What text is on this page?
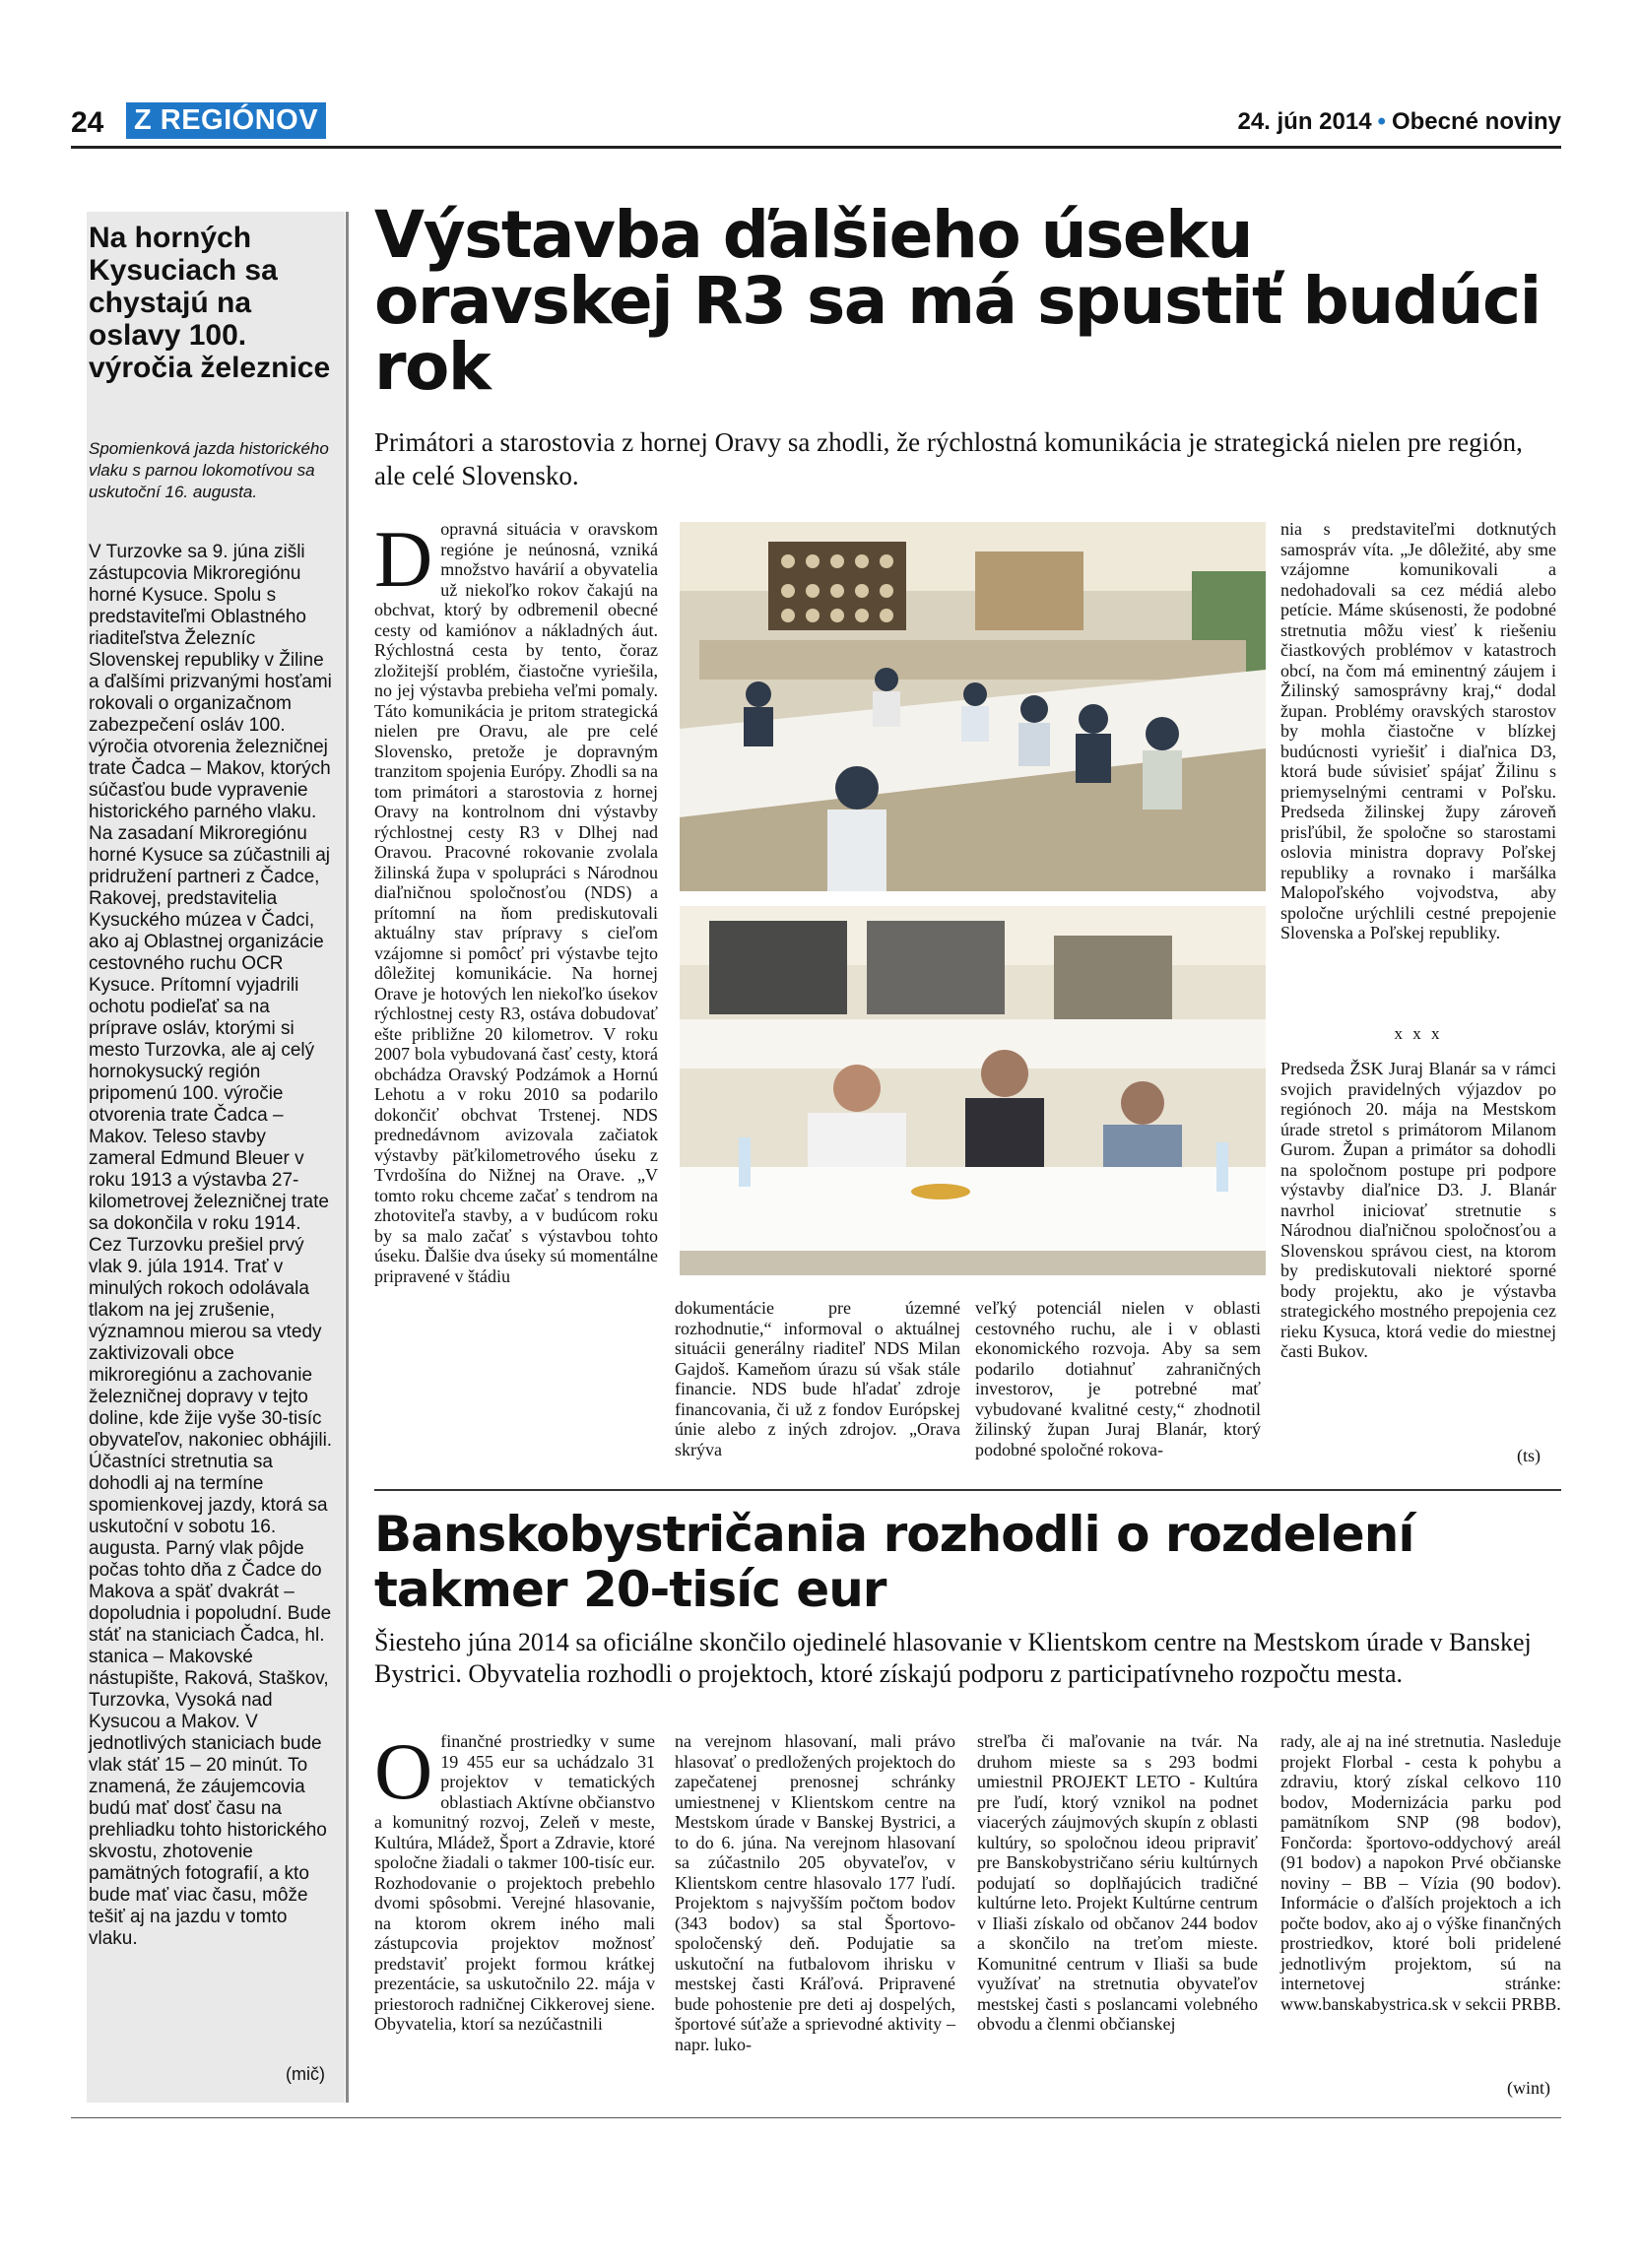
24 Z REGIÓNOV	24. jún 2014 • Obecné noviny
Na horných Kysuciach sa chystajú na oslavy 100. výročia železnice
Spomienková jazda historického vlaku s parnou lokomotívou sa uskutoční 16. augusta.
V Turzovke sa 9. júna zišli zástupcovia Mikroregiónu horné Kysuce. Spolu s predstaviteľmi Oblastného riaditeľstva Železníc Slovenskej republiky v Žiline a ďalšími prizvanými hosťami rokovali o organizačnom zabezpečení osláv 100. výročia otvorenia železničnej trate Čadca – Makov, ktorých súčasťou bude vypravenie historického parného vlaku.
Na zasadaní Mikroregiónu horné Kysuce sa zúčastnili aj pridružení partneri z Čadce, Rakovej, predstavitelia Kysuckého múzea v Čadci, ako aj Oblastnej organizácie cestovného ruchu OCR Kysuce. Prítomní vyjadrili ochotu podieľať sa na príprave osláv, ktorými si mesto Turzovka, ale aj celý hornokysucký región pripomenú 100. výročie otvorenia trate Čadca – Makov. Teleso stavby zameral Edmund Bleuer v roku 1913 a výstavba 27-kilometrovej železničnej trate sa dokončila v roku 1914. Cez Turzovku prešiel prvý vlak 9. júla 1914. Trať v minulých rokoch odolávala tlakom na jej zrušenie, významnou mierou sa vtedy zaktivizovali obce mikroregiónu a zachovanie železničnej dopravy v tejto doline, kde žije vyše 30-tisíc obyvateľov, nakoniec obhájili. Účastníci stretnutia sa dohodli aj na termíne spomienkovej jazdy, ktorá sa uskutoční v sobotu 16. augusta. Parný vlak pôjde počas tohto dňa z Čadce do Makova a späť dvakrát – dopoludnia i popoludní. Bude stáť na staniciach Čadca, hl. stanica – Makovské nástupište, Raková, Staškov, Turzovka, Vysoká nad Kysucou a Makov. V jednotlivých staniciach bude vlak stáť 15 – 20 minút. To znamená, že záujemcovia budú mať dosť času na prehliadku tohto historického skvostu, zhotovenie pamätných fotografií, a kto bude mať viac času, môže tešiť aj na jazdu v tomto vlaku.
(mič)
Výstavba ďalšieho úseku oravskej R3 sa má spustiť budúci rok
Primátori a starostovia z hornej Oravy sa zhodli, že rýchlostná komunikácia je strategická nielen pre región, ale celé Slovensko.
Dopravná situácia v oravskom regióne je neúnosná, vzniká množstvo havárií a obyvatelia už niekoľko rokov čakajú na obchvat, ktorý by odbremenil obecné cesty od kamiónov a nákladných áut. Rýchlostná cesta by tento, čoraz zložitejší problém, čiastočne vyriešila, no jej výstavba prebieha veľmi pomaly. Táto komunikácia je pritom strategická nielen pre Oravu, ale pre celé Slovensko, pretože je dopravným tranzitom spojenia Európy. Zhodli sa na tom primátori a starostovia z hornej Oravy na kontrolnom dni výstavby rýchlostnej cesty R3 v Dlhej nad Oravou. Pracovné rokovanie zvolala žilinská župa v spolupráci s Národnou diaľničnou spoločnosťou (NDS) a prítomní na ňom prediskutovali aktuálny stav prípravy s cieľom vzájomne si pomôcť pri výstavbe tejto dôležitej komunikácie. Na hornej Orave je hotových len niekoľko úsekov rýchlostnej cesty R3, ostáva dobudovať ešte približne 20 kilometrov. V roku 2007 bola vybudovaná časť cesty, ktorá obchádza Oravský Podzámok a Hornú Lehotu a v roku 2010 sa podarilo dokončiť obchvat Trstenej. NDS prednedávnom avizovala začiatok výstavby päťkilometrového úseku z Tvrdošína do Nižnej na Orave. „V tomto roku chceme začať s tendrom na zhotoviteľa stavby, a v budúcom roku by sa malo začať s výstavbou tohto úseku. Ďalšie dva úseky sú momentálne pripravené v štádiu
dokumentácie pre územné rozhodnutie,“ informoval o aktuálnej situácii generálny riaditeľ NDS Milan Gajdoš. Kameňom úrazu sú však stále financie. NDS bude hľadať zdroje financovania, či už z fondov Európskej únie alebo z iných zdrojov. „Orava skrýva
veľký potenciál nielen v oblasti cestovného ruchu, ale i v oblasti ekonomického rozvoja. Aby sa sem podarilo dotiahnuť zahraničných investorov, je potrebné mať vybudované kvalitné cesty,“ zhodnotil žilinský župan Juraj Blanár, ktorý podobné spoločné rokova-
nia s predstaviteľmi dotknutých samospráv víta. „Je dôležité, aby sme vzájomne komunikovali a nedohadovali sa cez médiá alebo petície. Máme skúsenosti, že podobné stretnutia môžu viesť k riešeniu čiastkových problémov v katastroch obcí, na čom má eminentný záujem i Žilinský samosprávny kraj,“ dodal župan. Problémy oravských starostov by mohla čiastočne v blízkej budúcnosti vyriešiť i diaľnica D3, ktorá bude súvisieť spájať Žilinu s priemyselnými centrami v Poľsku. Predseda žilinskej župy zároveň prisľúbil, že spoločne so starostami oslovia ministra dopravy Poľskej republiky a rovnako i maršálka Malopoľského vojvodstva, aby spoločne urýchlili cestné prepojenie Slovenska a Poľskej republiky.
x x x
Predseda ŽSK Juraj Blanár sa v rámci svojich pravidelných výjazdov po regiónoch 20. mája na Mestskom úrade stretol s primátorom Milanom Gurom. Župan a primátor sa dohodli na spoločnom postupe pri podpore výstavby diaľnice D3. J. Blanár navrhol iniciovať stretnutie s Národnou diaľničnou spoločnosťou a Slovenskou správou ciest, na ktorom by prediskutovali niektoré sporné body projektu, ako je výstavba strategického mostného prepojenia cez rieku Kysuca, ktorá vedie do miestnej časti Bukov.
(ts)
Banskobystričania rozhodli o rozdelení takmer 20-tisíc eur
Šiesteho júna 2014 sa oficiálne skončilo ojedinelé hlasovanie v Klientskom centre na Mestskom úrade v Banskej Bystrici. Obyvatelia rozhodli o projektoch, ktoré získajú podporu z participatívneho rozpočtu mesta.
Ofinančné prostriedky v sume 19 455 eur sa uchádzalo 31 projektov v tematických oblastiach Aktívne občianstvo a komunitný rozvoj, Zeleň v meste, Kultúra, Mládež, Šport a Zdravie, ktoré spoločne žiadali o takmer 100-tisíc eur. Rozhodovanie o projektoch prebehlo dvomi spôsobmi. Verejné hlasovanie, na ktorom okrem iného mali zástupcovia projektov možnosť predstaviť projekt formou krátkej prezentácie, sa uskutočnilo 22. mája v priestoroch radničnej Cikkerovej siene. Obyvatelia, ktorí sa nezúčastnili
na verejnom hlasovaní, mali právo hlasovať o predložených projektoch do zapečatenej prenosnej schránky umiestnenej v Klientskom centre na Mestskom úrade v Banskej Bystrici, a to do 6. júna. Na verejnom hlasovaní sa zúčastnilo 205 obyvateľov, v Klientskom centre hlasovalo 177 ľudí. Projektom s najvyšším počtom bodov (343 bodov) sa stal Športovo-spoločenský deň. Podujatie sa uskutoční na futbalovom ihrisku v mestskej časti Kráľová. Pripravené bude pohostenie pre deti aj dospelých, športové súťaže a sprievodné aktivity – napr. luko-
streľba či maľovanie na tvár. Na druhom mieste sa s 293 bodmi umiestnil PROJEKT LETO - Kultúra pre ľudí, ktorý vznikol na podnet viacerých záujmových skupín z oblasti kultúry, so spoločnou ideou pripraviť pre Banskobystričano sériu kultúrnych podujatí so doplňajúcich tradičné kultúrne leto. Projekt Kultúrne centrum v Iliaši získalo od občanov 244 bodov a skončilo na treťom mieste. Komunitné centrum v Iliaši sa bude využívať na stretnutia obyvateľov mestskej časti s poslancami volebného obvodu a členmi občianskej
rady, ale aj na iné stretnutia. Nasleduje projekt Florbal - cesta k pohybu a zdraviu, ktorý získal celkovo 110 bodov, Modernizácia parku pod pamätníkom SNP (98 bodov), Fončorda: športovo-oddychový areál (91 bodov) a napokon Prvé občianske noviny – BB – Vízia (90 bodov). Informácie o ďalších projektoch a ich počte bodov, ako aj o výške finančných prostriedkov, ktoré boli pridelené jednotlivým projektom, sú na internetovej stránke: www.banskabystrica.sk v sekcii PRBB.
(wint)
